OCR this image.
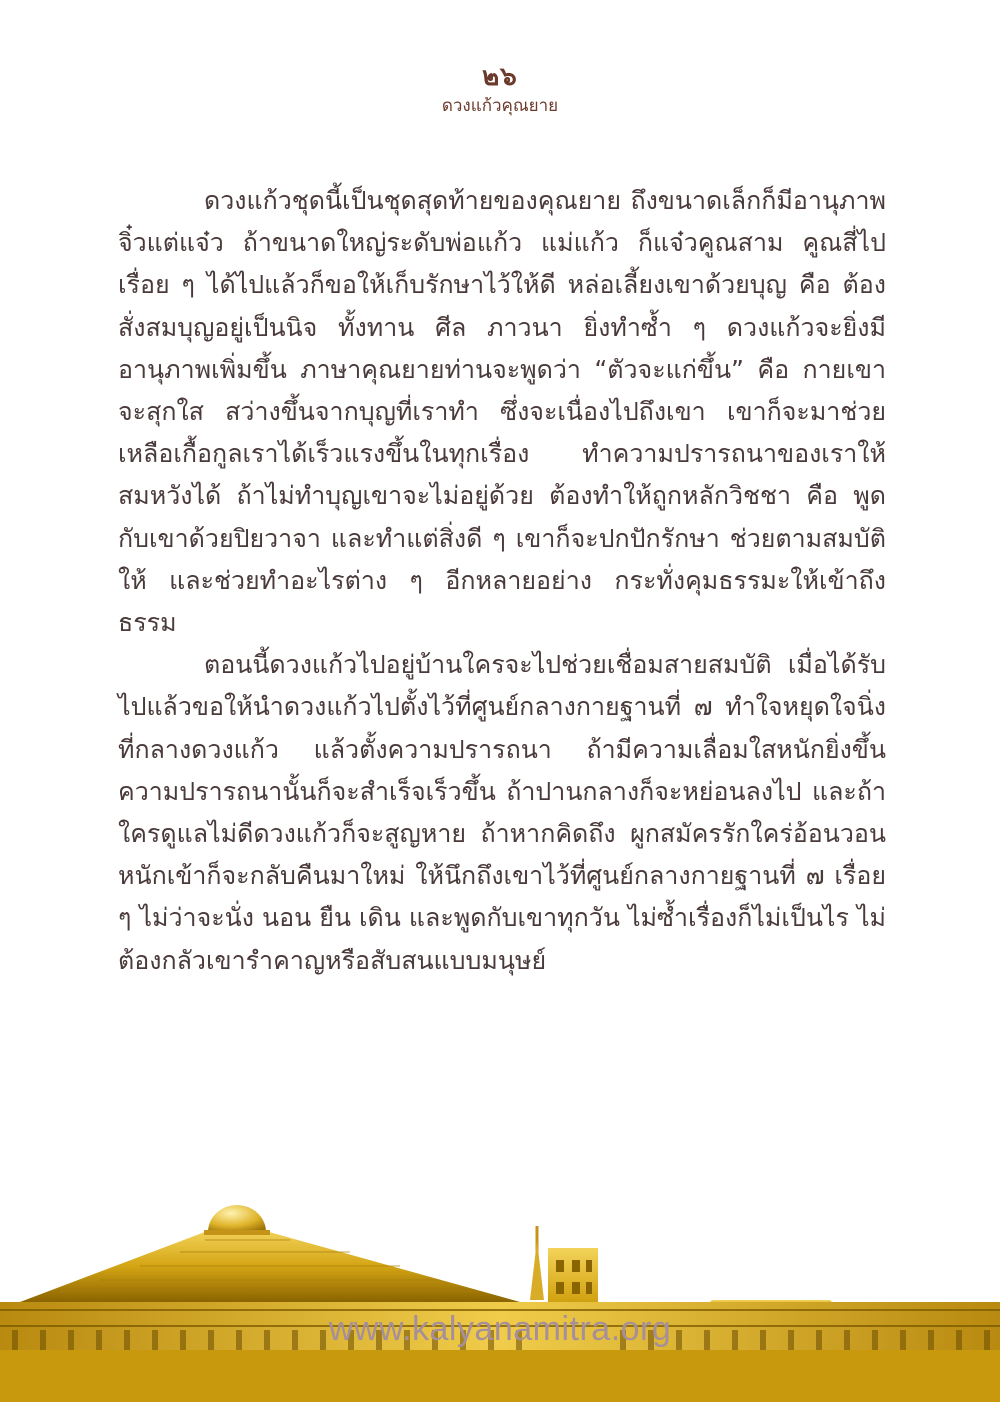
๒๖
ดวงแก้วคุณยาย

ดวงแก้วชุดนี้เป็นชุดสุดท้ายของคุณยาย ถึงขนาดเล็กก็มีอานุภาพจิ๋วแต่แจ๋ว ถ้าขนาดใหญ่ระดับพ่อแก้ว แม่แก้ว ก็แจ๋วคูณสาม คูณสี่ไปเรื่อย ๆ ได้ไปแล้วก็ขอให้เก็บรักษาไว้ให้ดี หล่อเลี้ยงเขาด้วยบุญ คือ ต้องสั่งสมบุญอยู่เป็นนิจ ทั้งทาน ศีล ภาวนา ยิ่งทำซ้ำ ๆ ดวงแก้วจะยิ่งมีอานุภาพเพิ่มขึ้น ภาษาคุณยายท่านจะพูดว่า “ตัวจะแก่ขึ้น” คือ กายเขาจะสุกใส สว่างขึ้นจากบุญที่เราทำ ซึ่งจะเนื่องไปถึงเขา เขาก็จะมาช่วยเหลือเกื้อกูลเราได้เร็วแรงขึ้นในทุกเรื่อง ทำความปรารถนาของเราให้สมหวังได้ ถ้าไม่ทำบุญเขาจะไม่อยู่ด้วย ต้องทำให้ถูกหลักวิชชา คือ พูดกับเขาด้วยปิยวาจา และทำแต่สิ่งดี ๆ เขาก็จะปกปักรักษา ช่วยตามสมบัติให้ และช่วยทำอะไรต่าง ๆ อีกหลายอย่าง กระทั่งคุมธรรมะให้เข้าถึงธรรม

ตอนนี้ดวงแก้วไปอยู่บ้านใครจะไปช่วยเชื่อมสายสมบัติ เมื่อได้รับไปแล้วขอให้นำดวงแก้วไปตั้งไว้ที่ศูนย์กลางกายฐานที่ ๗ ทำใจหยุดใจนิ่งที่กลางดวงแก้ว แล้วตั้งความปรารถนา ถ้ามีความเลื่อมใสหนักยิ่งขึ้น ความปรารถนานั้นก็จะสำเร็จเร็วขึ้น ถ้าปานกลางก็จะหย่อนลงไป และถ้าใครดูแลไม่ดีดวงแก้วก็จะสูญหาย ถ้าหากคิดถึง ผูกสมัครรักใคร่อ้อนวอนหนักเข้าก็จะกลับคืนมาใหม่ ให้นึกถึงเขาไว้ที่ศูนย์กลางกายฐานที่ ๗ เรื่อย ๆ ไม่ว่าจะนั่ง นอน ยืน เดิน และพูดกับเขาทุกวัน ไม่ซ้ำเรื่องก็ไม่เป็นไร ไม่ต้องกลัวเขารำคาญหรือสับสนแบบมนุษย์

www.kalyanamitra.org
